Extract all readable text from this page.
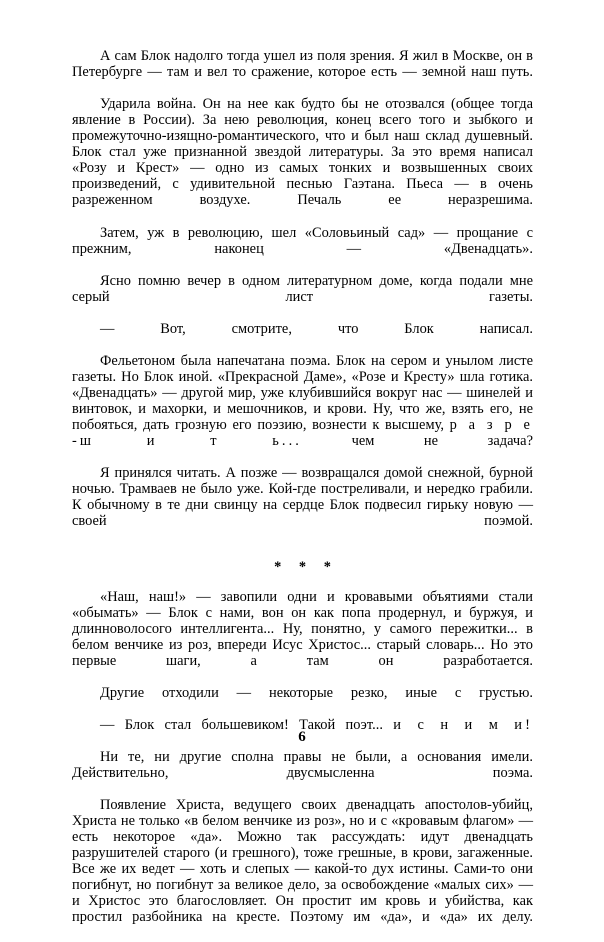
А сам Блок надолго тогда ушел из поля зрения. Я жил в Москве, он в Петербурге — там и вел то сражение, которое есть — земной наш путь.

Ударила война. Он на нее как будто бы не отозвался (общее тогда явление в России). За нею революция, конец всего того и зыбкого и промежуточно-изящно-романтического, что и был наш склад душевный. Блок стал уже признанной звездой литературы. За это время написал «Розу и Крест» — одно из самых тонких и возвышенных своих произведений, с удивительной песнью Гаэтана. Пьеса — в очень разреженном воздухе. Печаль ее неразрешима.

Затем, уж в революцию, шел «Соловьиный сад» — прощание с прежним, наконец — «Двенадцать».

Ясно помню вечер в одном литературном доме, когда подали мне серый лист газеты.

— Вот, смотрите, что Блок написал.

Фельетоном была напечатана поэма. Блок на сером и унылом листе газеты. Но Блок иной. «Прекрасной Даме», «Розе и Кресту» шла готика. «Двенадцать» — другой мир, уже клубившийся вокруг нас — шинелей и винтовок, и махорки, и мешочников, и крови. Ну, что же, взять его, не побояться, дать грозную его поэзию, вознести к высшему, р а з р е -ш и т ь... чем не задача?

Я принялся читать. А позже — возвращался домой снежной, бурной ночью. Трамваев не было уже. Кой-где постреливали, и нередко грабили. К обычному в те дни свинцу на сердце Блок подвесил гирьку новую — своей поэмой.

* * *

«Наш, наш!» — завопили одни и кровавыми объятиями стали «обымать» — Блок с нами, вон он как попа продернул, и буржуя, и длинноволосого интеллигента... Ну, понятно, у самого пережитки... в белом венчике из роз, впереди Исус Христос... старый словарь... Но это первые шаги, а там он разработается.

Другие отходили — некоторые резко, иные с грустью.

— Блок стал большевиком! Такой поэт... и с н и м и!

Ни те, ни другие сполна правы не были, а основания имели. Действительно, двусмысленна поэма.

Появление Христа, ведущего своих двенадцать апостолов-убийц, Христа не только «в белом венчике из роз», но и с «кровавым флагом» — есть некоторое «да». Можно так рассуждать: идут двенадцать разрушителей старого (и грешного), тоже грешные, в крови, загаженные. Все же их ведет — хоть и слепых — какой-то дух истины. Сами-то они погибнут, но погибнут за великое дело, за освобождение «малых сих» — и Христос это благословляет. Он простит им кровь и убийства, как простил разбойника на кресте. Поэтому им «да», и «да» их делу.

6
